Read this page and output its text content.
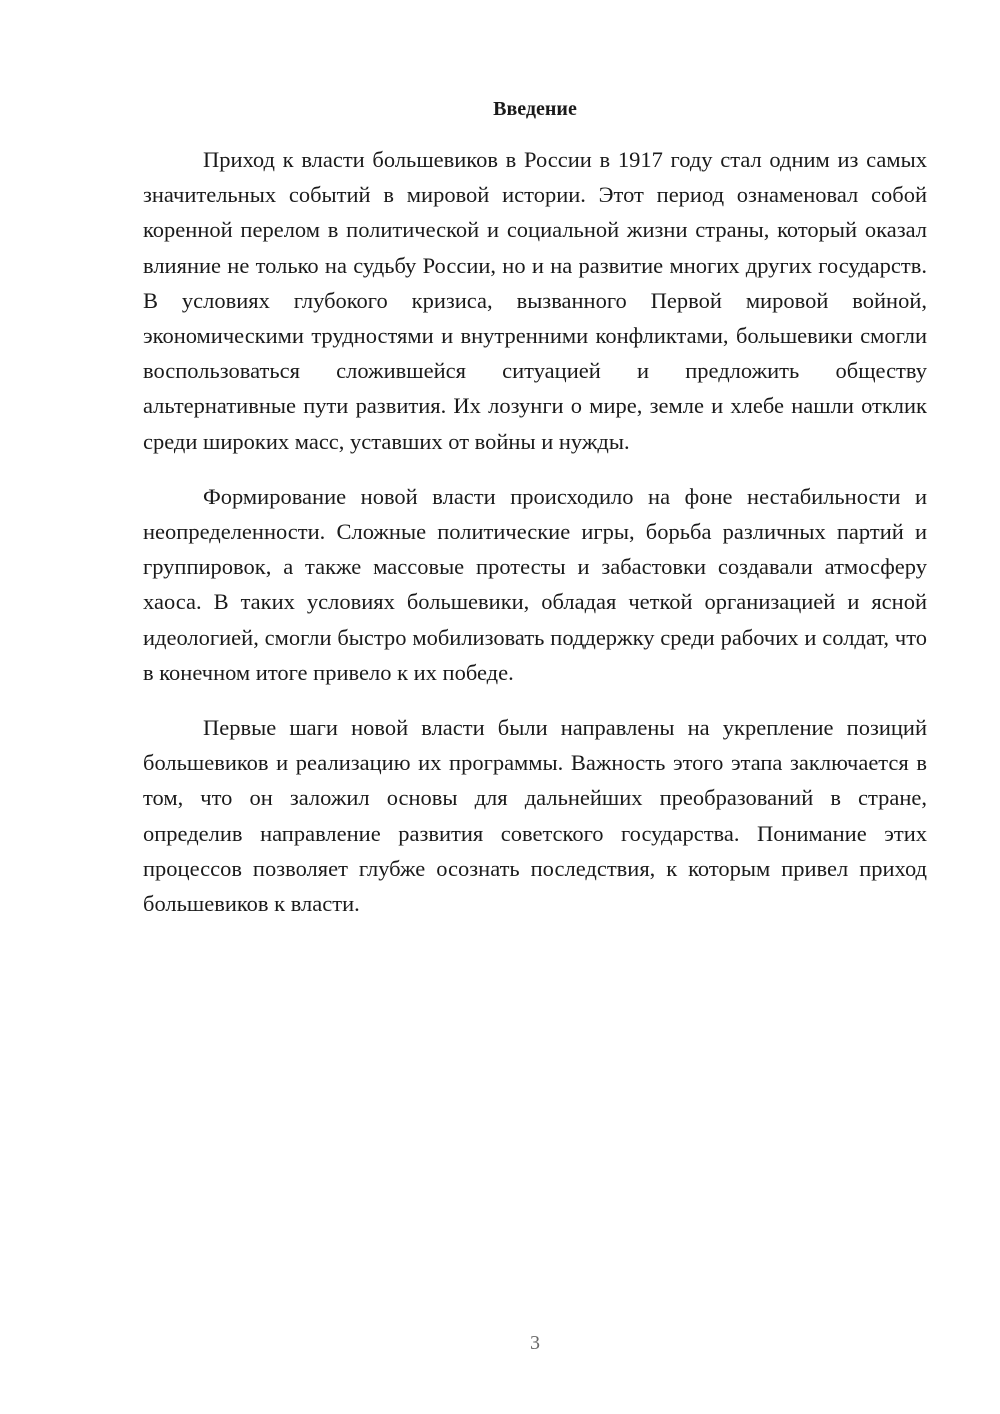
Введение

Приход к власти большевиков в России в 1917 году стал одним из самых значительных событий в мировой истории. Этот период ознаменовал собой коренной перелом в политической и социальной жизни страны, который оказал влияние не только на судьбу России, но и на развитие многих других государств. В условиях глубокого кризиса, вызванного Первой мировой войной, экономическими трудностями и внутренними конфликтами, большевики смогли воспользоваться сложившейся ситуацией и предложить обществу альтернативные пути развития. Их лозунги о мире, земле и хлебе нашли отклик среди широких масс, уставших от войны и нужды.

Формирование новой власти происходило на фоне нестабильности и неопределенности. Сложные политические игры, борьба различных партий и группировок, а также массовые протесты и забастовки создавали атмосферу хаоса. В таких условиях большевики, обладая четкой организацией и ясной идеологией, смогли быстро мобилизовать поддержку среди рабочих и солдат, что в конечном итоге привело к их победе.

Первые шаги новой власти были направлены на укрепление позиций большевиков и реализацию их программы. Важность этого этапа заключается в том, что он заложил основы для дальнейших преобразований в стране, определив направление развития советского государства. Понимание этих процессов позволяет глубже осознать последствия, к которым привел приход большевиков к власти.

3
